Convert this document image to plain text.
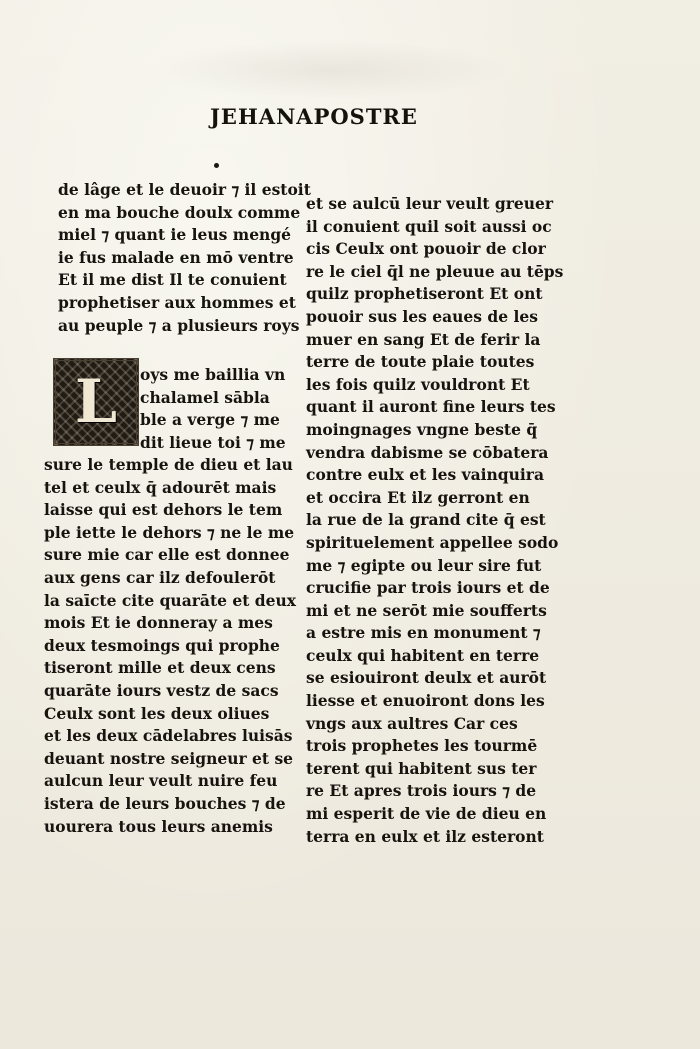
JEHANAPOSTRE
de lâge et le deuoir ⁊ il estoit
en ma bouche doulx comme
miel ⁊ quant ie leus mengé
ie fus malade en mō ventre
Et il me dist Il te conuient
prophetiser aux hommes et
au peuple ⁊ a plusieurs roys
L	oys me baillia vn
chalamel sābla
ble a verge ⁊ me
dit lieue toi ⁊ me
sure le temple de dieu et lau
tel et ceulx q̄ adourēt mais
laisse qui est dehors le tem
ple iette le dehors ⁊ ne le me
sure mie car elle est donnee
aux gens car ilz defoulerōt
la saīcte cite quarāte et deux
mois Et ie donneray a mes
deux tesmoings qui prophe
tiseront mille et deux cens
quarāte iours vestz de sacs
Ceulx sont les deux oliues
et les deux cādelabres luisās
deuant nostre seigneur et se
aulcun leur veult nuire feu
istera de leurs bouches ⁊ de
uourera tous leurs anemis
et se aulcū leur veult greuer
il conuient quil soit aussi oc
cis Ceulx ont pouoir de clor
re le ciel q̄l ne pleuue au tēps
quilz prophetiseront Et ont
pouoir sus les eaues de les
muer en sang Et de ferir la
terre de toute plaie toutes
les fois quilz vouldront Et
quant il auront fine leurs tes
moingnages vngne beste q̄
vendra dabisme se cōbatera
contre eulx et les vainquira
et occira Et ilz gerront en
la rue de la grand cite q̄ est
spirituelement appellee sodo
me ⁊ egipte ou leur sire fut
crucifie par trois iours et de
mi et ne serōt mie soufferts
a estre mis en monument ⁊
ceulx qui habitent en terre
se esiouiront deulx et aurōt
liesse et enuoiront dons les
vngs aux aultres Car ces
trois prophetes les tourmē
terent qui habitent sus ter
re Et apres trois iours ⁊ de
mi esperit de vie de dieu en
terra en eulx et ilz esteront
